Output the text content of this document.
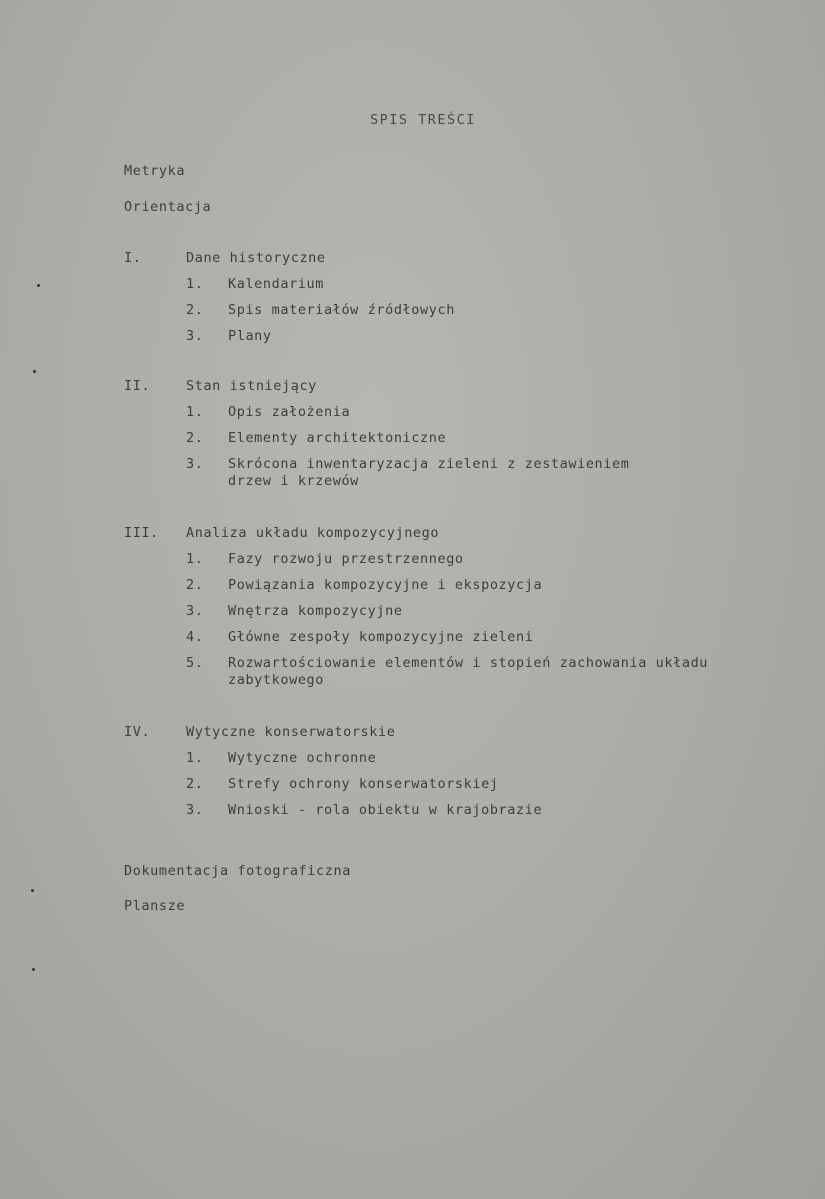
SPIS TREŚCI
Metryka
Orientacja
I.	Dane historyczne
1. Kalendarium
2. Spis materiałów źródłowych
3. Plany
II.	Stan istniejący
1. Opis założenia
2. Elementy architektoniczne
3. Skrócona inwentaryzacja zieleni z zestawieniem
drzew i krzewów
III. Analiza układu kompozycyjnego
1. Fazy rozwoju przestrzennego
2. Powiązania kompozycyjne i ekspozycja
3. Wnętrza kompozycyjne
4. Główne zespoły kompozycyjne zieleni
5. Rozwartościowanie elementów i stopień zachowania układu
zabytkowego
IV.	Wytyczne konserwatorskie
1. Wytyczne ochronne
2. Strefy ochrony konserwatorskiej
3. Wnioski - rola obiektu w krajobrazie
Dokumentacja fotograficzna
Plansze
